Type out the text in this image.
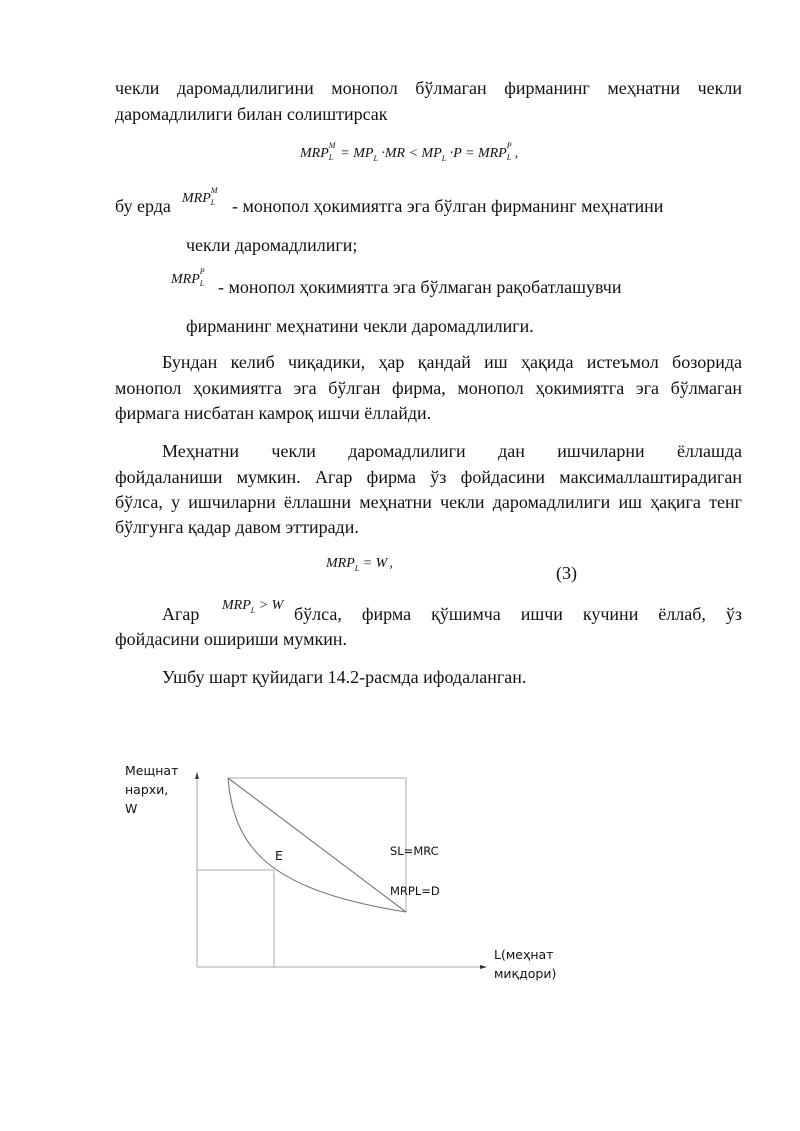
чекли даромадлилигини монопол бўлмаган фирманинг меҳнатни чекли

даромадлилиги билан солиштирсак

MRP
M
$L = MP_L \cdot MR < MP_L \cdot P$ = MRP
P
L ,

бу ерда MRP
M
L - монопол ҳокимиятга эга бўлган фирманинг меҳнатини

чекли даромадлилиги;

MRP
P
L - монопол ҳокимиятга эга бўлмаган рақобатлашувчи

фирманинг меҳнатини чекли даромадлилиги.

Бундан келиб чиқадики, ҳар қандай иш ҳақида истеъмол бозорида

монопол ҳокимиятга эга бўлган фирма, монопол ҳокимиятга эга бўлмаган

фирмага нисбатан камроқ ишчи ёллайди.

Меҳнатни чекли даромадлилиги дан ишчиларни ёллашда

фойдаланиши мумкин. Агар фирма ўз фойдасини максималлаштирадиган

бўлса, у ишчиларни ёллашни меҳнатни чекли даромадлилиги иш ҳақига тенг

бўлгунга қадар давом эттиради.

$MRP_L = W$ ,	(3)

Агар $MRP_L > W$ бўлса, фирма қўшимча ишчи кучини ёллаб, ўз

фойдасини ошириши мумкин.

Ушбу шарт қуйидаги 14.2-расмда ифодаланган.

Мещнат
нархи,
W
E	SL=MRC
MRPL=D
L(меҳнат
миқдори)
